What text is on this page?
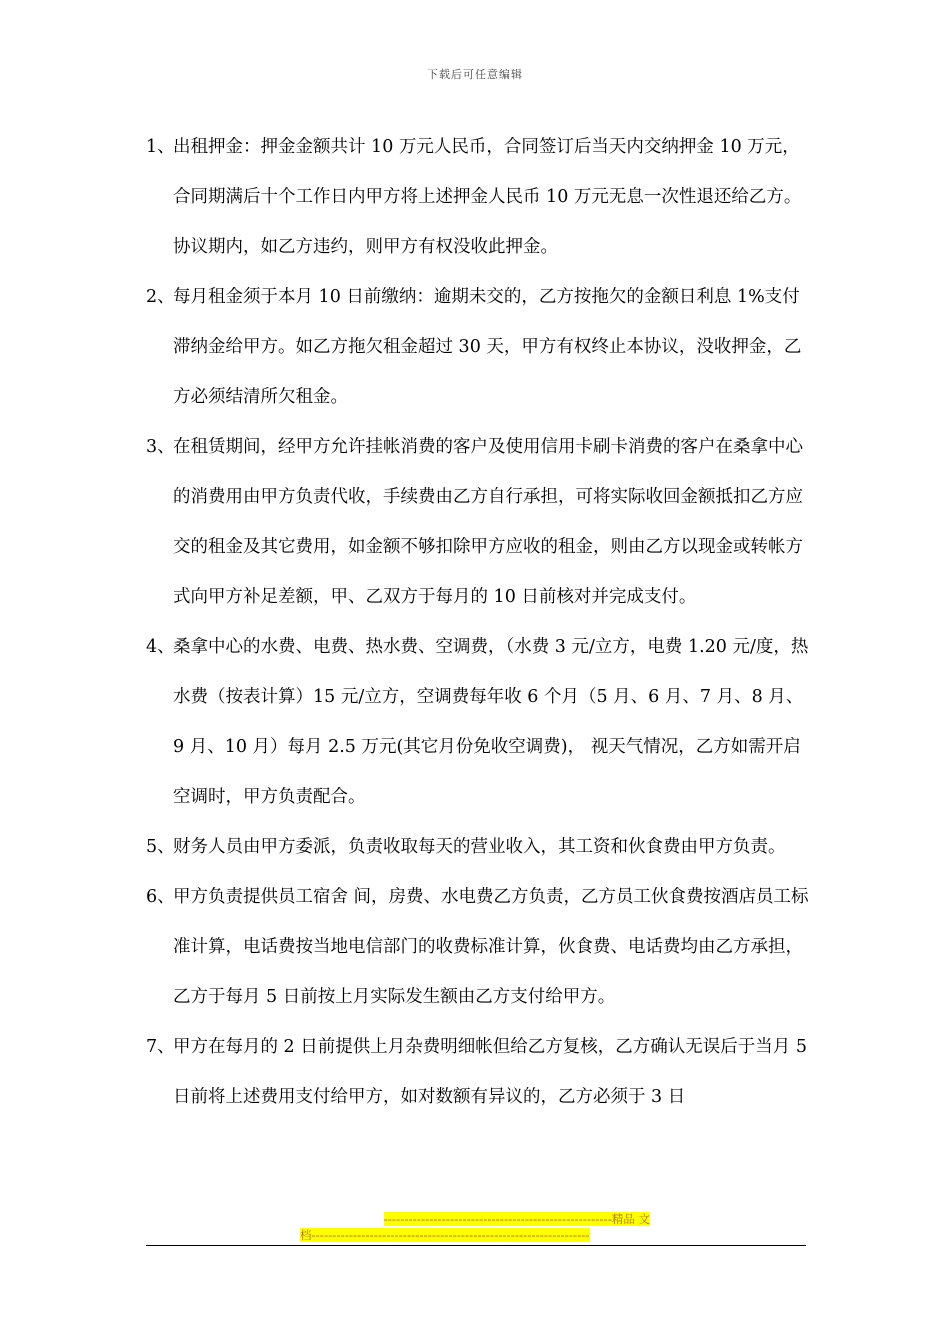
下载后可任意编辑
1、
出租押金：押金金额共计 10 万元人民币，合同签订后当天内交纳押金 10 万元，合同期满后十个工作日内甲方将上述押金人民币 10 万元无息一次性退还给乙方。协议期内，如乙方违约，则甲方有权没收此押金。
2、
每月租金须于本月 10 日前缴纳：逾期未交的，乙方按拖欠的金额日利息 1%支付滞纳金给甲方。如乙方拖欠租金超过 30 天，甲方有权终止本协议，没收押金，乙方必须结清所欠租金。
3、
在租赁期间，经甲方允许挂帐消费的客户及使用信用卡刷卡消费的客户在桑拿中心的消费用由甲方负责代收，手续费由乙方自行承担，可将实际收回金额抵扣乙方应交的租金及其它费用，如金额不够扣除甲方应收的租金，则由乙方以现金或转帐方式向甲方补足差额，甲、乙双方于每月的 10 日前核对并完成支付。
4、
桑拿中心的水费、电费、热水费、空调费，（水费 3 元/立方，电费 1.20 元/度，热水费（按表计算）15 元/立方，空调费每年收 6 个月（5 月、6 月、7 月、8 月、9 月、10 月）每月 2.5 万元(其它月份免收空调费)， 视天气情况，乙方如需开启空调时，甲方负责配合。
5、
财务人员由甲方委派，负责收取每天的营业收入，其工资和伙食费由甲方负责。
6、
甲方负责提供员工宿舍 间，房费、水电费乙方负责，乙方员工伙食费按酒店员工标准计算，电话费按当地电信部门的收费标准计算，伙食费、电话费均由乙方承担，乙方于每月 5 日前按上月实际发生额由乙方支付给甲方。
7、
甲方在每月的 2 日前提供上月杂费明细帐但给乙方复核，乙方确认无误后于当月 5 日前将上述费用支付给甲方，如对数额有异议的，乙方必须于 3 日
-------------------------------------------------------精品 文
档-------------------------------------------------------------------
